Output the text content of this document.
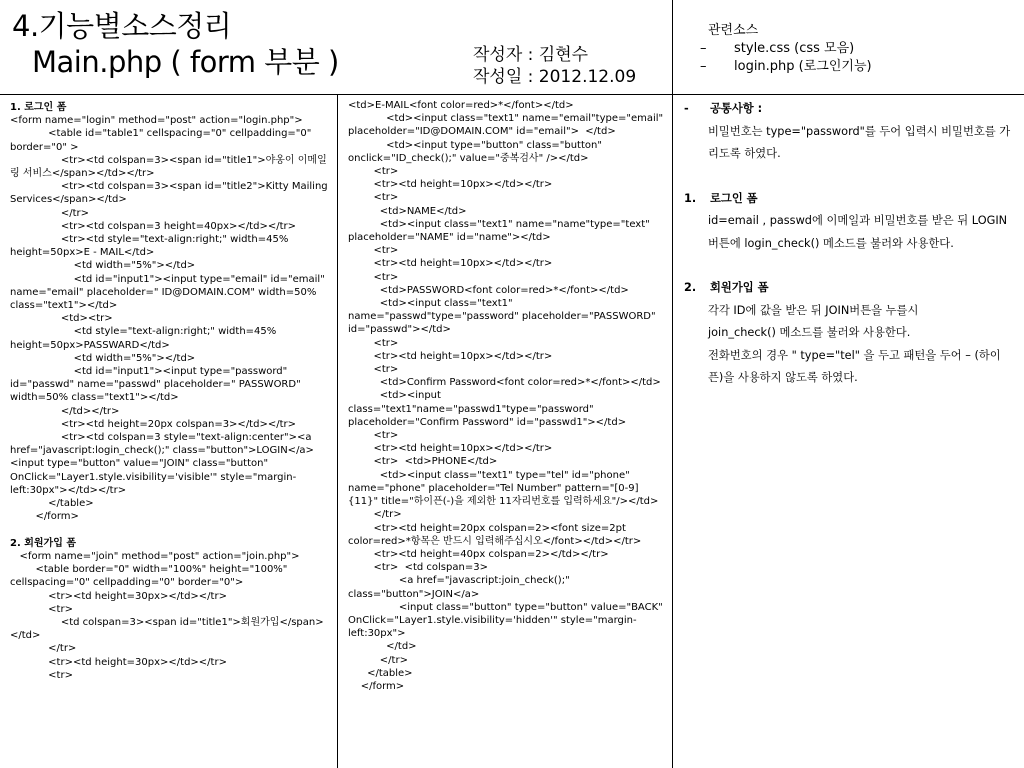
4.기능별소스정리
Main.php ( form 부분 )	작성자 : 김현수
작성일 : 2012.12.09
관련소스
–	style.css (css 모음)
–	login.php (로그인기능)
1. 로그인 폼
<form name="login" method="post" action="login.php">
<table id="table1" cellspacing="0" cellpadding="0" border="0" >
<tr><td colspan=3><span id="title1">야옹이 이메일링 서비스</span></td></tr>
<tr><td colspan=3><span id="title2">Kitty Mailing Services</span></td>
</tr>
<tr><td colspan=3 height=40px></td></tr>
<tr><td style="text-align:right;" width=45% height=50px>E - MAIL</td>
<td width="5%"></td>
<td id="input1"><input type="email" id="email" name="email" placeholder=" ID@DOMAIN.COM" width=50% class="text1"></td>
<td><tr>
<td style="text-align:right;" width=45% height=50px>PASSWARD</td>
<td width="5%"></td>
<td id="input1"><input type="password" id="passwd" name="passwd" placeholder=" PASSWORD" width=50% class="text1"></td>
</td></tr>
<tr><td height=20px colspan=3></td></tr>
<tr><td colspan=3 style="text-align:center"><a href="javascript:login_check();" class="button">LOGIN</a><input type="button" value="JOIN" class="button" OnClick="Layer1.style.visibility='visible'" style="margin-left:30px"></td></tr>
</table>
</form>
2. 회원가입 폼
<form name="join" method="post" action="join.php">
<table border="0" width="100%" height="100%" cellspacing="0" cellpadding="0" border="0">
<tr><td height=30px></td></tr>
<tr>
<td colspan=3><span id="title1">회원가입</span></td>
</tr>
<tr><td height=30px></td></tr>
<tr>
<td>E-MAIL<font color=red>*</font></td>
<td><input class="text1" name="email"type="email" placeholder="ID@DOMAIN.COM" id="email">  </td>
<td><input type="button" class="button" onclick="ID_check();" value="중복검사" /></td>
<tr>
<tr><td height=10px></td></tr>
<tr>
<td>NAME</td>
<td><input class="text1" name="name"type="text" placeholder="NAME" id="name"></td>
<tr>
<tr><td height=10px></td></tr>
<tr>
<td>PASSWORD<font color=red>*</font></td>
<td><input class="text1" name="passwd"type="password" placeholder="PASSWORD" id="passwd"></td>
<tr>
<tr><td height=10px></td></tr>
<tr>
<td>Confirm Password<font color=red>*</font></td>
<td><input class="text1"name="passwd1"type="password" placeholder="Confirm Password" id="passwd1"></td>
<tr>
<tr><td height=10px></td></tr>
<tr>  <td>PHONE</td>
<td><input class="text1" type="tel" id="phone" name="phone" placeholder="Tel Number" pattern="[0-9]{11}" title="하이픈(-)을 제외한 11자리번호를 입력하세요"/></td>
</tr>
<tr><td height=20px colspan=2><font size=2pt color=red>*항목은 반드시 입력해주십시오</font></td></tr>
<tr><td height=40px colspan=2></td></tr>
<tr>  <td colspan=3>
<a href="javascript:join_check();" class="button">JOIN</a>
<input class="button" type="button" value="BACK" OnClick="Layer1.style.visibility='hidden'" style="margin-left:30px">
</td>
</tr>
</table>
</form>
-	공통사항 :

비밀번호는 type="password"를 두어 입력시 비밀번호를 가리도록 하였다.

1.	로그인 폼

id=email , passwd에 이메일과 비밀번호를 받은 뒤 LOGIN버튼에 login_check() 메소드를 불러와 사용한다.

2.	회원가입 폼

각각 ID에 값을 받은 뒤 JOIN버튼을 누를시

join_check() 메소드를 불러와 사용한다.

전화번호의 경우 " type="tel" 을 두고 패턴을 두어 – (하이픈)을 사용하지 않도록 하였다.
